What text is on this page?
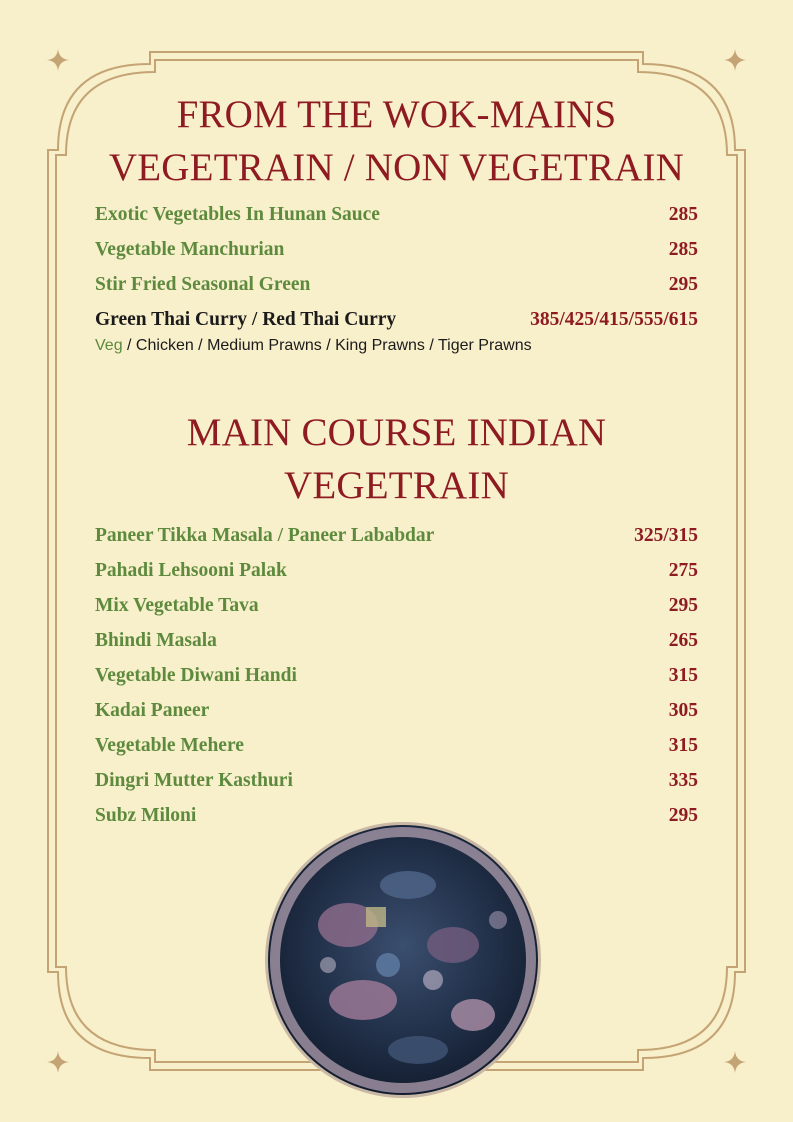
FROM THE WOK-MAINS
VEGETRAIN / NON VEGETRAIN
Exotic Vegetables In Hunan Sauce	285
Vegetable Manchurian	285
Stir Fried Seasonal Green	295
Green Thai Curry / Red Thai Curry	385/425/415/555/615
Veg / Chicken / Medium Prawns / King Prawns / Tiger Prawns
MAIN COURSE INDIAN
VEGETRAIN
Paneer Tikka Masala / Paneer Lababdar	325/315
Pahadi Lehsooni Palak	275
Mix Vegetable Tava	295
Bhindi Masala	265
Vegetable Diwani Handi	315
Kadai Paneer	305
Vegetable Mehere	315
Dingri Mutter Kasthuri	335
Subz Miloni	295
